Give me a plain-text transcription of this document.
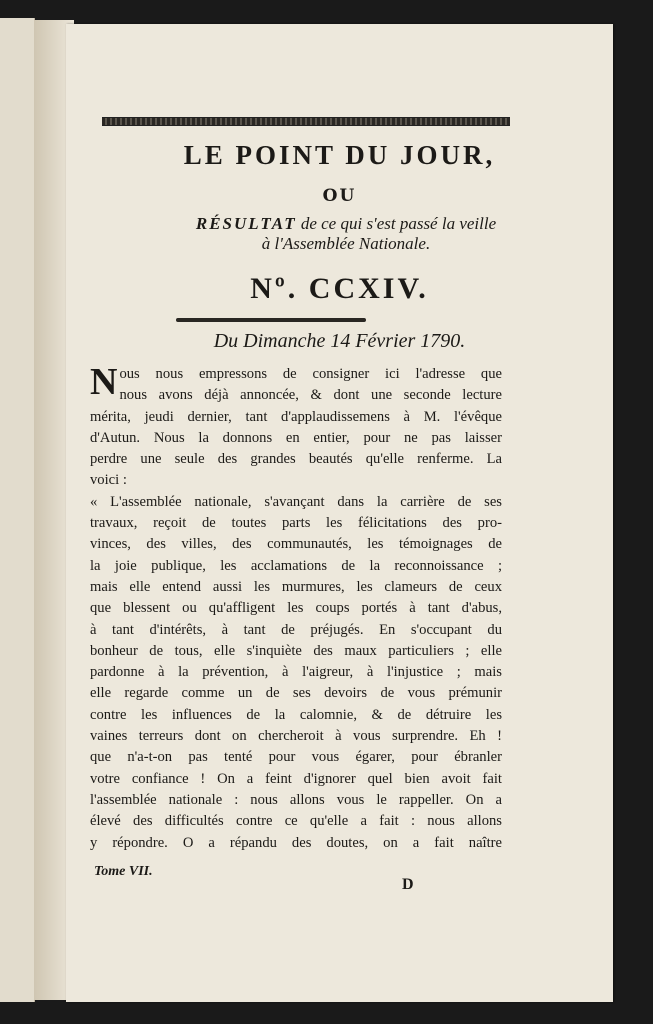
LE POINT DU JOUR,
OU
RÉSULTAT de ce qui s'est passé la veille
à l'Assemblée Nationale.
Nº. CCXIV.
Du Dimanche 14 Février 1790.
N ous nous empressons de consigner ici l'adresse que
nous avons déjà annoncée, & dont une seconde lecture
mérita, jeudi dernier, tant d'applaudissemens à M. l'évêque
d'Autun. Nous la donnons en entier, pour ne pas laisser
perdre une seule des grandes beautés qu'elle renferme. La
voici :
« L'assemblée nationale, s'avançant dans la carrière de ses
travaux, reçoit de toutes parts les félicitations des pro-
vinces, des villes, des communautés, les témoignages de
la joie publique, les acclamations de la reconnoissance ;
mais elle entend aussi les murmures, les clameurs de ceux
que blessent ou qu'affligent les coups portés à tant d'abus,
à tant d'intérêts, à tant de préjugés. En s'occupant du
bonheur de tous, elle s'inquiète des maux particuliers ; elle
pardonne à la prévention, à l'aigreur, à l'injustice ; mais
elle regarde comme un de ses devoirs de vous prémunir
contre les influences de la calomnie, & de détruire les
vaines terreurs dont on chercheroit à vous surprendre. Eh !
que n'a-t-on pas tenté pour vous égarer, pour ébranler
votre confiance ! On a feint d'ignorer quel bien avoit fait
l'assemblée nationale : nous allons vous le rappeller. On a
élevé des difficultés contre ce qu'elle a fait : nous allons
y répondre. O a répandu des doutes, on a fait naître
Tome VII.
D
